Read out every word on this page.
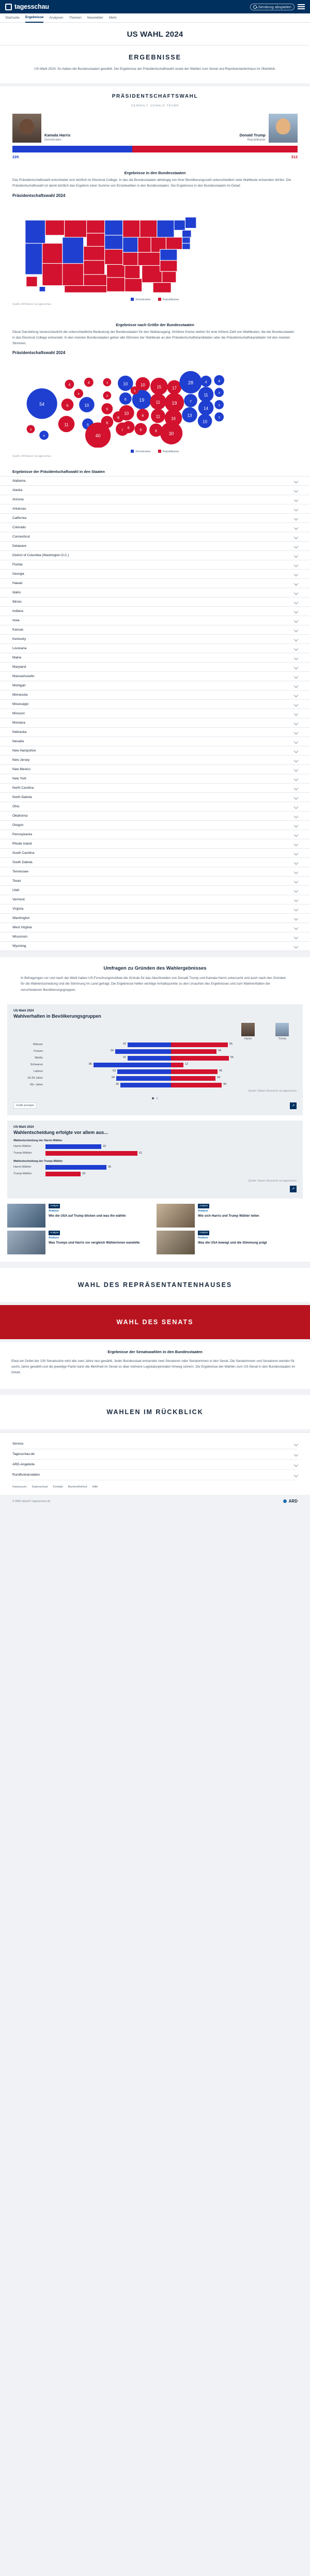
tagesschau	Sendung abspielen
Startseite Ergebnisse Analysen Themen Newsletter Mehr
US WAHL 2024
ERGEBNISSE

US-Wahl 2024: So haben die Bundesstaaten gewählt. Die Ergebnisse der Präsidentschaftswahl sowie der Wahlen zum Senat und Repräsentantenhaus im Überblick.

PRÄSIDENTSCHAFTSWAHL
GEWÄHLT: DONALD TRUMP
Kamala Harris
Demokraten
Donald Trump
Republikaner
226	312
Ergebnisse in den Bundesstaaten

Das Präsidentschaftswahl entscheidet sich letztlich im Electoral College. In das die Bundesstaaten abhängig von ihrer Bevölkerungszahl unterschiedlich viele Wahlleute entsenden dürfen. Die Präsidentschaftswahl ist damit letztlich das Ergebnis einer Summe von Einzelwahlen in den Bundesstaaten. Die Ergebnisse in den Bundesstaaten im Detail:

Präsidentschaftswahl 2024
Demokraten	Republikaner
Quelle: AP/Edison via tagesschau
Ergebnisse nach Größe der Bundesstaaten

Diese Darstellung veranschaulicht die unterschiedliche Bedeutung der Bundesstaaten für den Wahlausgang. Größere Kreise stehen für eine höhere Zahl von Wahlleuten, die der Bundesstaaten in das Electoral College entsendet. In den meisten Bundesstaaten gehen alle Stimmen der Wahlleute an den Präsidentschaftskandidaten oder die Präsidentschaftskandidatin mit den meisten Stimmen.

Präsidentschaftswahl 2024
54
4
4
6
11
10
5
3
3
5
6
40
7
10
6
10
6
10
19
6
6
15
11
11
9
17
19
16
30
28
7
13
4
11
14
10
4
3
3
3
3
4
4
8
3
Demokraten	Republikaner
Quelle: AP/Edison via tagesschau
Ergebnisse der Präsidentschaftswahl in den Staaten
Alabama
Alaska
Arizona
Arkansas
California
Colorado
Connecticut
Delaware
District of Columbia (Washington D.C.)
Florida
Georgia
Hawaii
Idaho
Illinois
Indiana
Iowa
Kansas
Kentucky
Louisiana
Maine
Maryland
Massachusetts
Michigan
Minnesota
Mississippi
Missouri
Montana
Nebraska
Nevada
New Hampshire
New Jersey
New Mexico
New York
North Carolina
North Dakota
Ohio
Oklahoma
Oregon
Pennsylvania
Rhode Island
South Carolina
South Dakota
Tennessee
Texas
Utah
Vermont
Virginia
Washington
West Virginia
Wisconsin
Wyoming
Umfragen zu Gründen des Wahlergebnisses

In Befragungen vor und nach der Wahl haben US-Forschungsinstitute die Gründe für das Abschneiden von Donald Trump und Kamala Harris untersucht und auch nach den Gründen für die Wahlentscheidung und die Stimmung im Land gefragt. Die Ergebnisse helfen wichtige Anhaltspunkte zu den Ursachen des Ergebnisses und zum Wahlverhalten der verschiedenen Bevölkerungsgruppen.

US-Wahl 2024
Wahlverhalten in Bevölkerungsgruppen
Harris	Trump
Männer	42	55
Frauen	54	44
Weiße	42	56
Schwarze	86	12
Latinos	53	45
18-29 Jahre	54	43
65+ Jahre	49	49
Quelle: Edison Research via tagesschau
Grafik anzeigen	↗
US-Wahl 2024
Wahlentscheidung erfolgte vor allem aus...
Wahlentscheidung der Harris-Wähler
Harris-Wähler	32
Trump-Wähler	51
Wahlentscheidung der Trump-Wähler
Harris-Wähler	35
Trump-Wähler	20
Quelle: Edison Research via tagesschau
↗
Analyse
Analyse
Wie die USA auf Trump blicken und was ihn wählte
Analyse
Analyse
Wie sich Harris und Trump Wähler teilen
Analyse
Analyse
Was Trumps und Harris vor vergleich Wählerinnen wandelte
Analyse
Analyse
Was die USA bewegt und die Stimmung prägt
WAHL DES REPRÄSENTANTENHAUSES
WAHL DES SENATS
Ergebnisse der Senatswahlen in den Bundesstaaten

Etwa ein Drittel der 100 Senatssitze wird alle zwei Jahre neu gewählt. Jeder Bundesstaat entsendet zwei Senatoren oder Senatorinnen in den Senat. Die Senatorinnen und Senatoren werden für sechs Jahre gewählt und die jeweilige Partei kann die Mehrheit im Senat so über mehrere Legislaturperioden hinweg sichern. Die Ergebnisse der Wahlen zum US-Senat in den Bundesstaaten im Detail:

WAHLEN IM RÜCKBLICK
Service
Tagesschau.de
ARD-Angebote
Rundfunkanstalten
Impressum Datenschutz Kontakt Barrierefreiheit Hilfe
© ARD-aktuell / tagesschau.de	ARD
